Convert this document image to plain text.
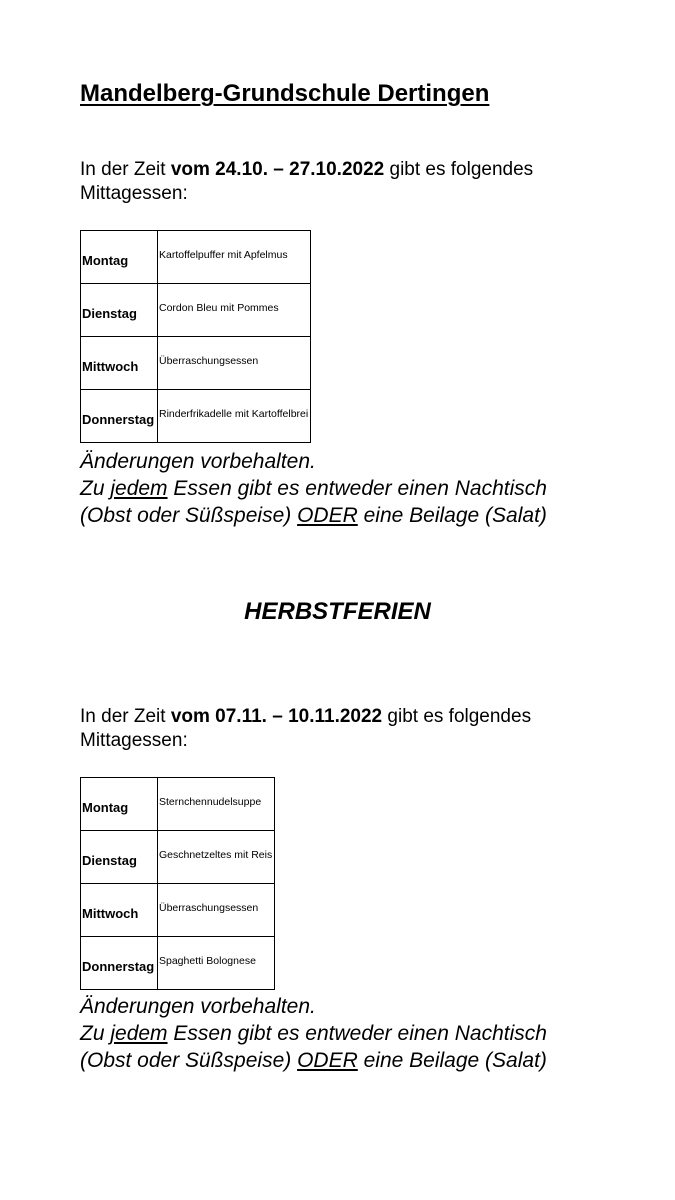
Mandelberg-Grundschule Dertingen

In der Zeit vom 24.10. – 27.10.2022 gibt es folgendes Mittagessen:

Montag	Kartoffelpuffer mit Apfelmus
Dienstag	Cordon Bleu mit Pommes
Mittwoch	Überraschungsessen
Donnerstag	Rinderfrikadelle mit Kartoffelbrei
Änderungen vorbehalten.
Zu jedem Essen gibt es entweder einen Nachtisch
(Obst oder Süßspeise) ODER eine Beilage (Salat)
HERBSTFERIEN

In der Zeit vom 07.11. – 10.11.2022 gibt es folgendes Mittagessen:

Montag	Sternchennudelsuppe
Dienstag	Geschnetzeltes mit Reis
Mittwoch	Überraschungsessen
Donnerstag	Spaghetti Bolognese
Änderungen vorbehalten.
Zu jedem Essen gibt es entweder einen Nachtisch
(Obst oder Süßspeise) ODER eine Beilage (Salat)
